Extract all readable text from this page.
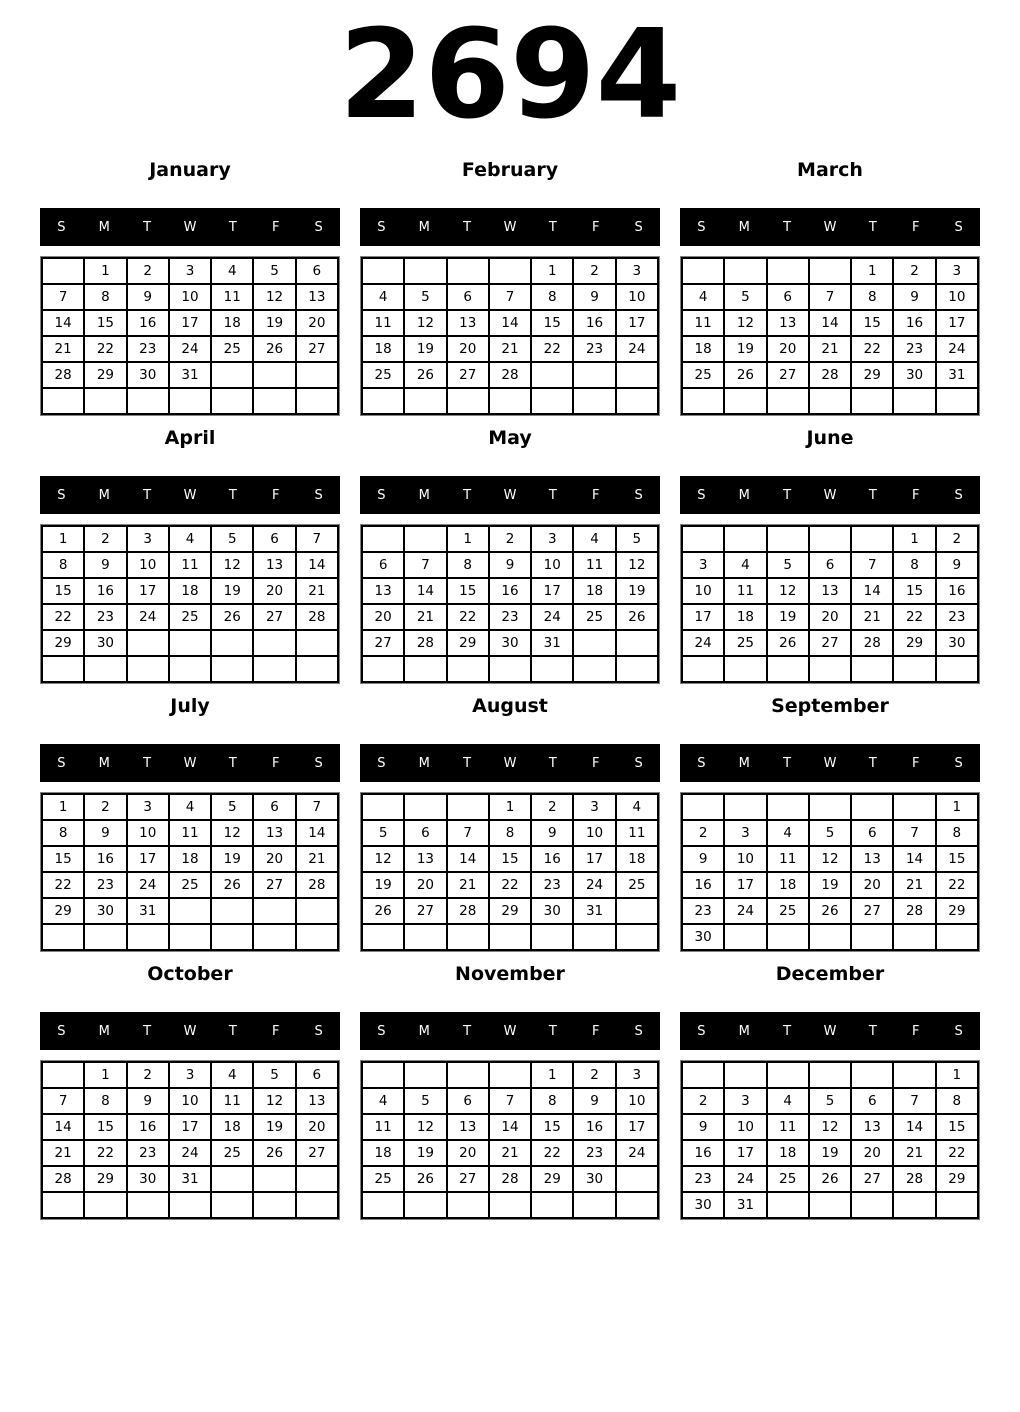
2694
January
S	M	T	W	T	F	S
	1	2	3	4	5	6
7	8	9	10	11	12	13
14	15	16	17	18	19	20
21	22	23	24	25	26	27
28	29	30	31			

February
S	M	T	W	T	F	S
				1	2	3
4	5	6	7	8	9	10
11	12	13	14	15	16	17
18	19	20	21	22	23	24
25	26	27	28			

March
S	M	T	W	T	F	S
				1	2	3
4	5	6	7	8	9	10
11	12	13	14	15	16	17
18	19	20	21	22	23	24
25	26	27	28	29	30	31

April
S	M	T	W	T	F	S
1	2	3	4	5	6	7
8	9	10	11	12	13	14
15	16	17	18	19	20	21
22	23	24	25	26	27	28
29	30					

May
S	M	T	W	T	F	S
		1	2	3	4	5
6	7	8	9	10	11	12
13	14	15	16	17	18	19
20	21	22	23	24	25	26
27	28	29	30	31		

June
S	M	T	W	T	F	S
					1	2
3	4	5	6	7	8	9
10	11	12	13	14	15	16
17	18	19	20	21	22	23
24	25	26	27	28	29	30

July
S	M	T	W	T	F	S
1	2	3	4	5	6	7
8	9	10	11	12	13	14
15	16	17	18	19	20	21
22	23	24	25	26	27	28
29	30	31				

August
S	M	T	W	T	F	S
			1	2	3	4
5	6	7	8	9	10	11
12	13	14	15	16	17	18
19	20	21	22	23	24	25
26	27	28	29	30	31	

September
S	M	T	W	T	F	S
						1
2	3	4	5	6	7	8
9	10	11	12	13	14	15
16	17	18	19	20	21	22
23	24	25	26	27	28	29
30						
October
S	M	T	W	T	F	S
	1	2	3	4	5	6
7	8	9	10	11	12	13
14	15	16	17	18	19	20
21	22	23	24	25	26	27
28	29	30	31			

November
S	M	T	W	T	F	S
				1	2	3
4	5	6	7	8	9	10
11	12	13	14	15	16	17
18	19	20	21	22	23	24
25	26	27	28	29	30	

December
S	M	T	W	T	F	S
						1
2	3	4	5	6	7	8
9	10	11	12	13	14	15
16	17	18	19	20	21	22
23	24	25	26	27	28	29
30	31					
